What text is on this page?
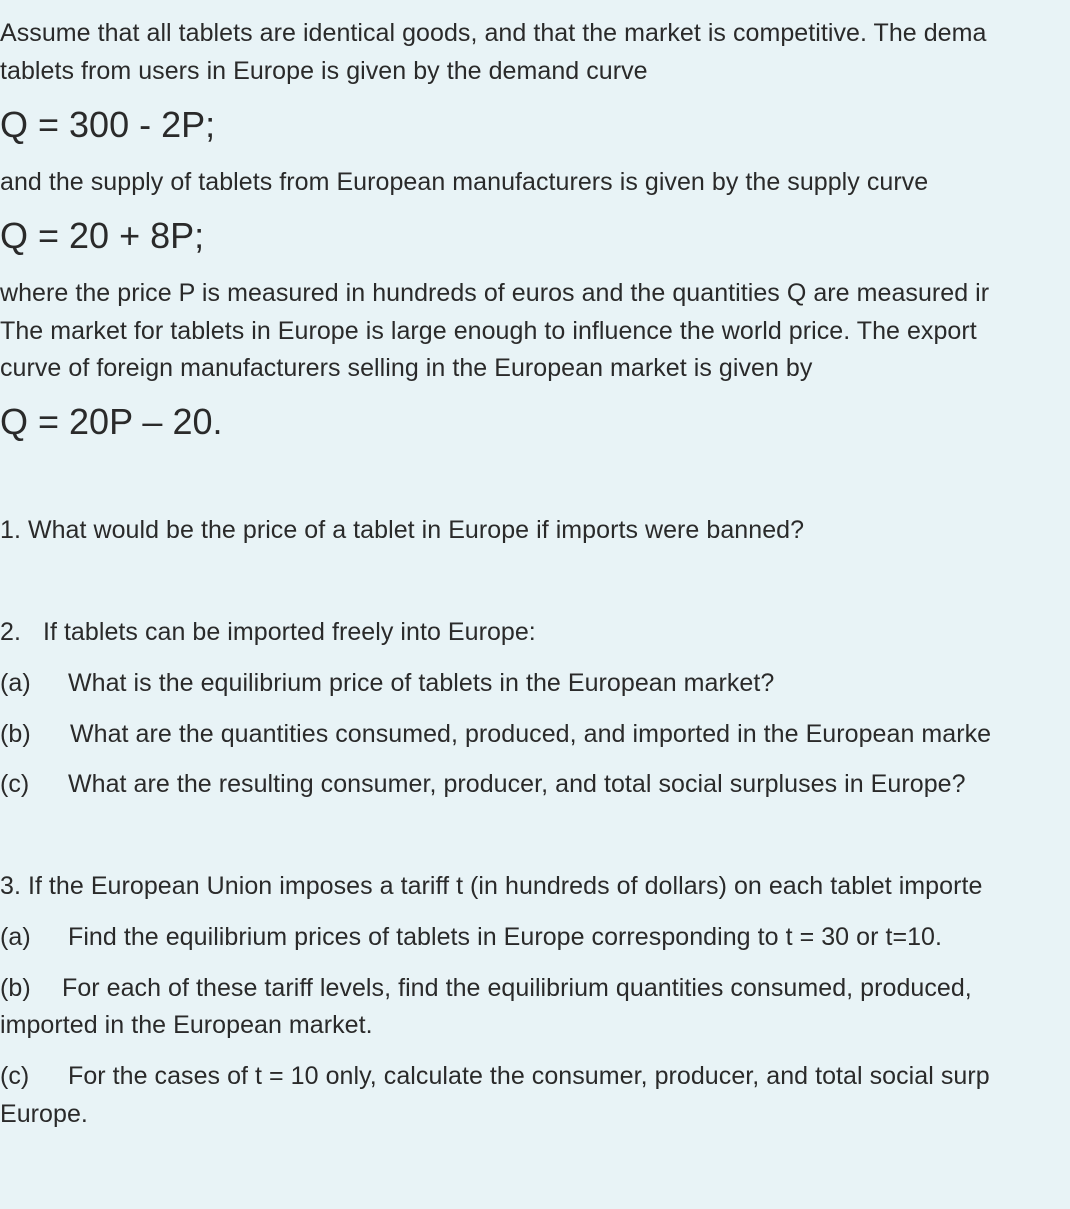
Assume that all tablets are identical goods, and that the market is competitive. The dema
tablets from users in Europe is given by the demand curve
Q = 300 - 2P;
and the supply of tablets from European manufacturers is given by the supply curve
Q = 20 + 8P;
where the price P is measured in hundreds of euros and the quantities Q are measured ir
The market for tablets in Europe is large enough to influence the world price. The export
curve of foreign manufacturers selling in the European market is given by
Q = 20P – 20.
1. What would be the price of a tablet in Europe if imports were banned?
2. If tablets can be imported freely into Europe:
(a) What is the equilibrium price of tablets in the European market?
(b) What are the quantities consumed, produced, and imported in the European marke
(c) What are the resulting consumer, producer, and total social surpluses in Europe?
3. If the European Union imposes a tariff t (in hundreds of dollars) on each tablet importe
(a) Find the equilibrium prices of tablets in Europe corresponding to t = 30 or t=10.
(b) For each of these tariff levels, find the equilibrium quantities consumed, produced,
imported in the European market.
(c) For the cases of t = 10 only, calculate the consumer, producer, and total social surp
Europe.
